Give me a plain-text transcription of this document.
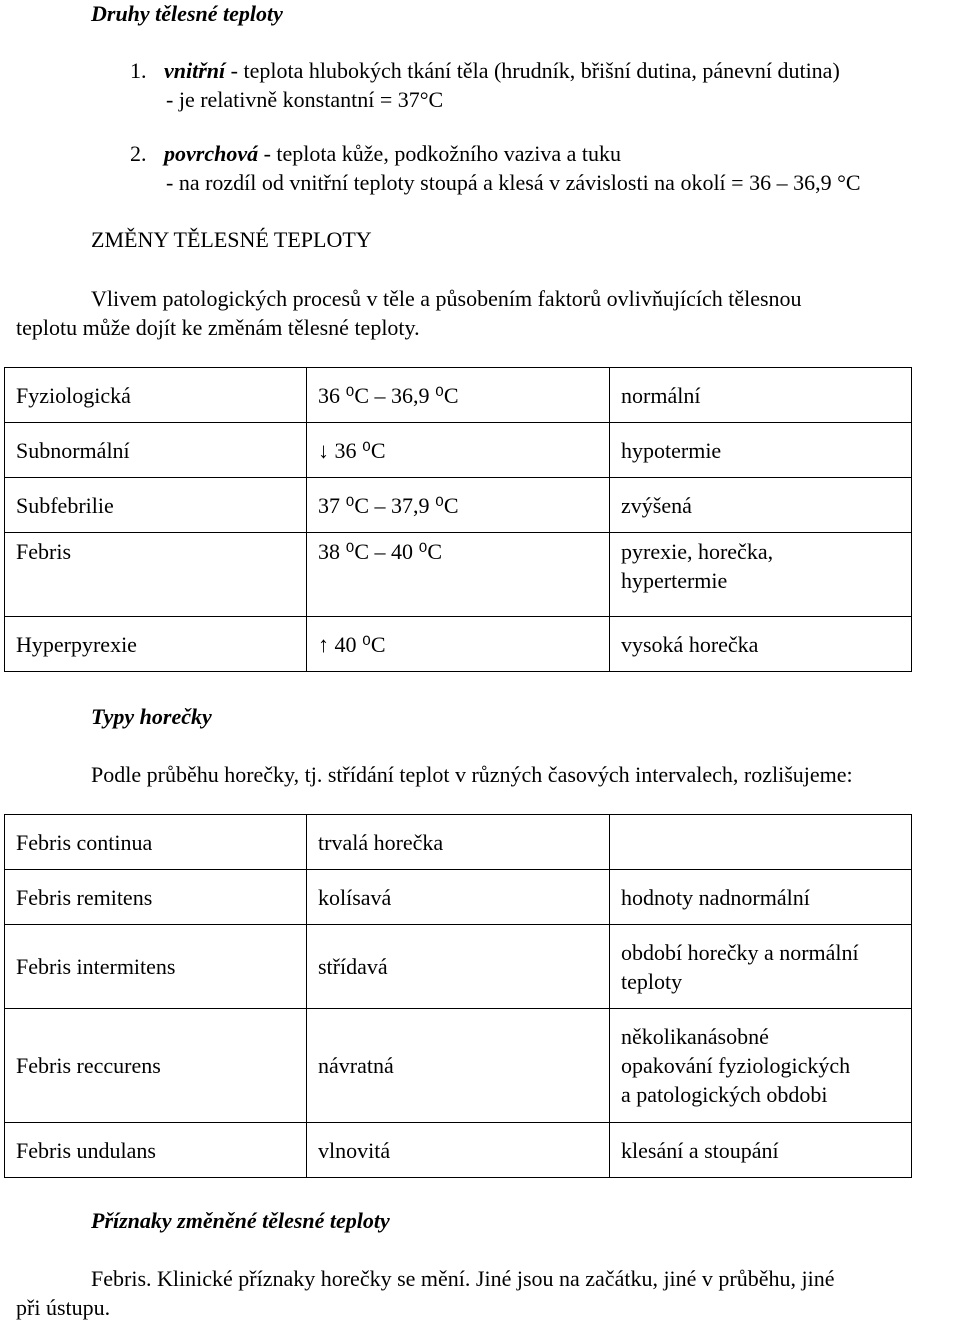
Druhy tělesné teploty
1. vnitřní - teplota hlubokých tkání těla (hrudník, břišní dutina, pánevní dutina)
- je relativně konstantní = 37°C
2. povrchová - teplota kůže, podkožního vaziva a tuku
- na rozdíl od vnitřní teploty stoupá a klesá v závislosti na okolí = 36 – 36,9 °C
ZMĚNY TĚLESNÉ TEPLOTY
Vlivem patologických procesů v těle a působením faktorů ovlivňujících tělesnou
teplotu může dojít ke změnám tělesné teploty.
Fyziologická	36 ⁰C – 36,9 ⁰C	normální
Subnormální	↓ 36 ⁰C	hypotermie
Subfebrilie	37 ⁰C – 37,9 ⁰C	zvýšená
Febris	38 ⁰C – 40 ⁰C	pyrexie, horečka,
hypertermie

Hyperpyrexie	↑ 40 ⁰C	vysoká horečka
Typy horečky
Podle průběhu horečky, tj. střídání teplot v různých časových intervalech, rozlišujeme:
Febris continua	trvalá horečka	
Febris remitens	kolísavá	hodnoty nadnormální
Febris intermitens	střídavá	období horečky a normální
teploty

Febris reccurens	návratná	několikanásobné
opakování fyziologických
a patologických obdobi

Febris undulans	vlnovitá	klesání a stoupání
Příznaky změněné tělesné teploty
Febris. Klinické příznaky horečky se mění. Jiné jsou na začátku, jiné v průběhu, jiné
při ústupu.
